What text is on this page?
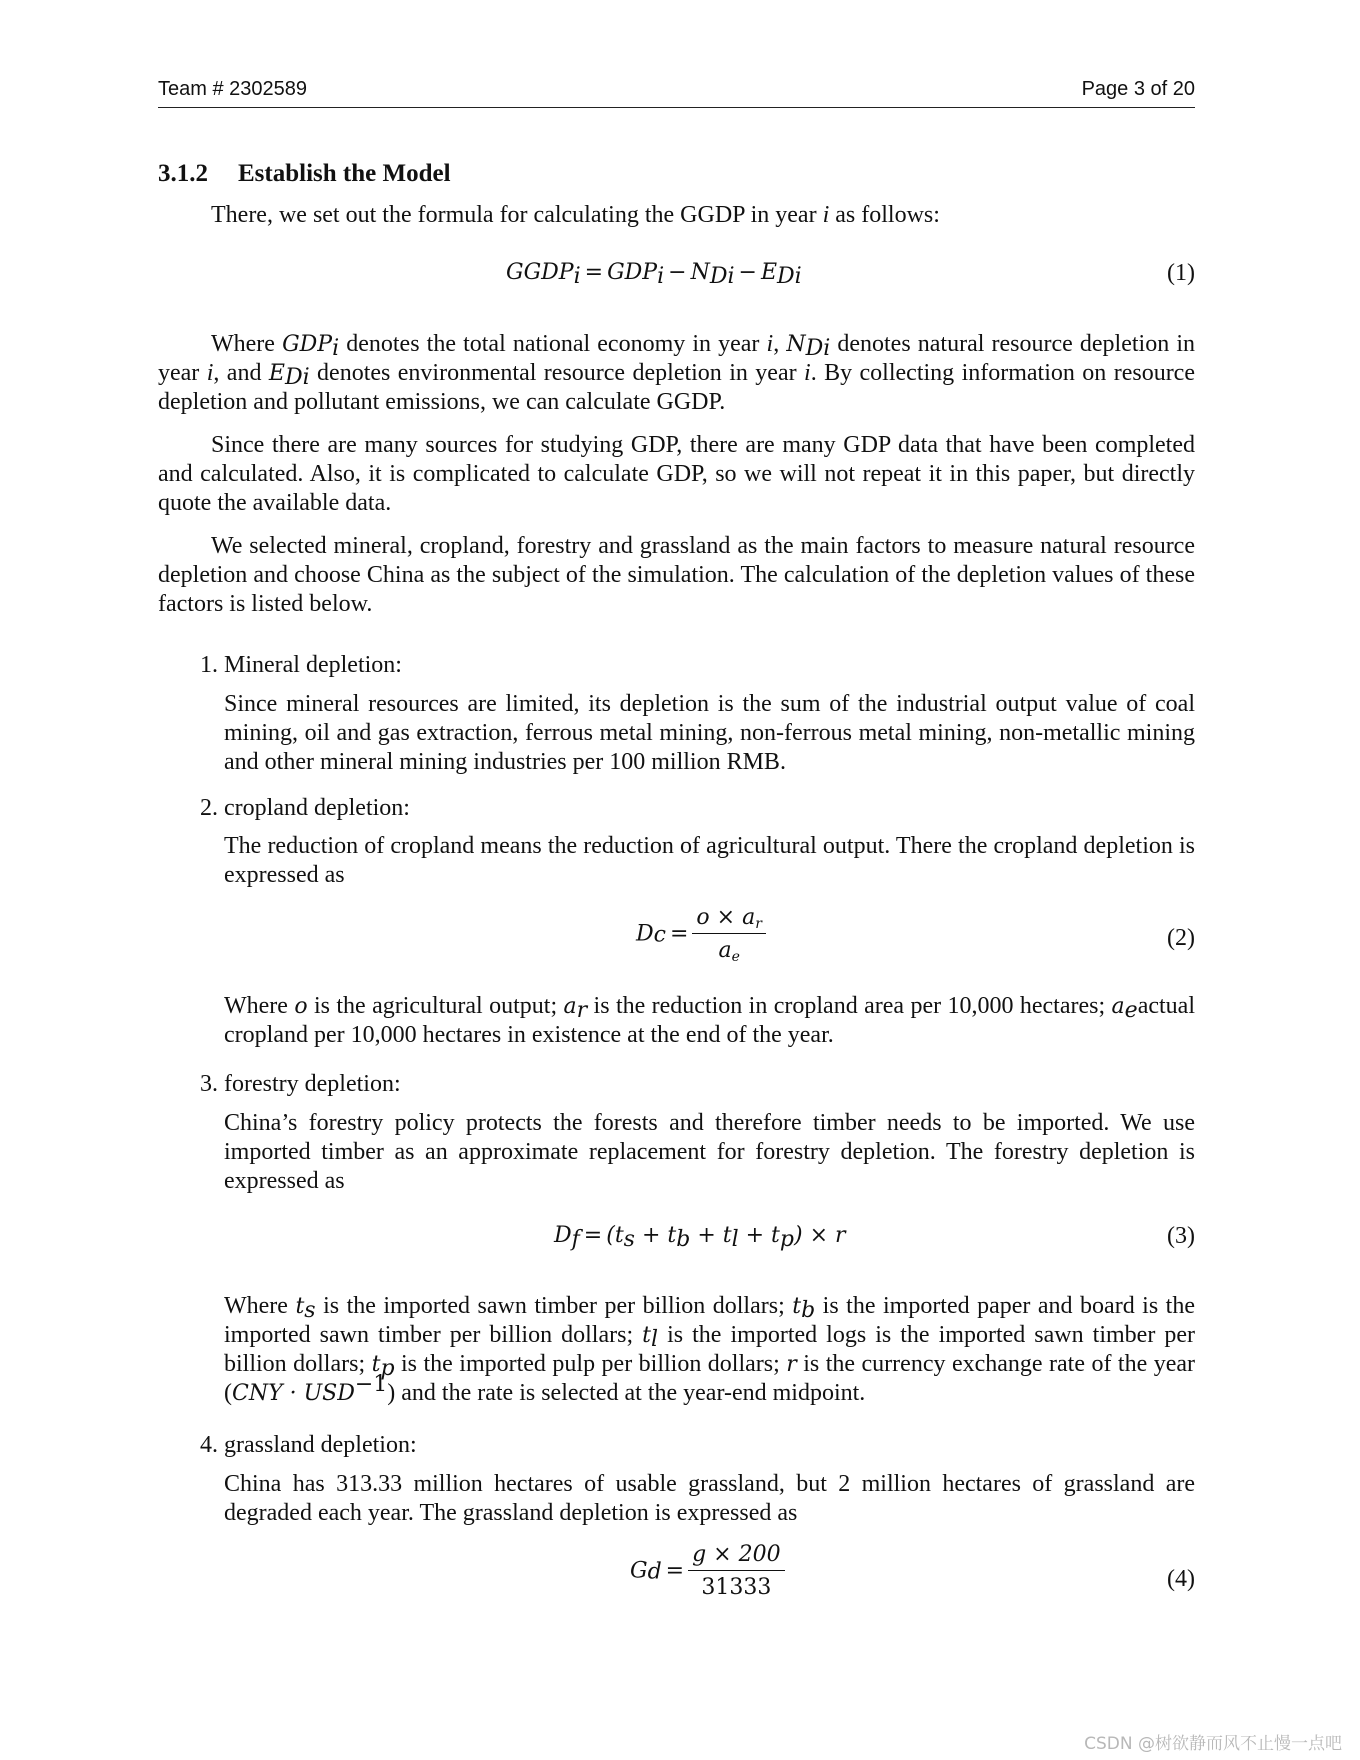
Team # 2302589	Page 3 of 20
3.1.2 Establish the Model

There, we set out the formula for calculating the GGDP in year i as follows:

$GGDP_i = GDP_i - N_{Di} - E_{Di}$	(1)

Where $GDP_i$ denotes the total national economy in year i, $N_{Di}$ denotes natural resource depletion in year i, and $E_{Di}$ denotes environmental resource depletion in year i. By collecting information on resource depletion and pollutant emissions, we can calculate GGDP.

Since there are many sources for studying GDP, there are many GDP data that have been completed and calculated. Also, it is complicated to calculate GDP, so we will not repeat it in this paper, but directly quote the available data.

We selected mineral, cropland, forestry and grassland as the main factors to measure natural resource depletion and choose China as the subject of the simulation. The calculation of the depletion values of these factors is listed below.

1. Mineral depletion:

Since mineral resources are limited, its depletion is the sum of the industrial output value of coal mining, oil and gas extraction, ferrous metal mining, non-ferrous metal mining, non-metallic mining and other mineral mining industries per 100 million RMB.

2. cropland depletion:

The reduction of cropland means the reduction of agricultural output. There the cropland depletion is expressed as

$D_c = \frac{o \times a_r}{a_e}$	(2)

Where o is the agricultural output; $a_r$ is the reduction in cropland area per 10,000 hectares; $a_eactual$ cropland per 10,000 hectares in existence at the end of the year.

3. forestry depletion:

China’s forestry policy protects the forests and therefore timber needs to be imported. We use imported timber as an approximate replacement for forestry depletion. The forestry depletion is expressed as

$D_f = (t_s + t_b + t_l + t_p) \times r$	(3)

Where $t_s$ is the imported sawn timber per billion dollars; $t_b$ is the imported paper and board is the imported sawn timber per billion dollars; $t_l$ is the imported logs is the imported sawn timber per billion dollars; $t_p$ is the imported pulp per billion dollars; r is the currency exchange rate of the year $(CNY \cdot USD^{-1})$ and the rate is selected at the year-end midpoint.

4. grassland depletion:

China has 313.33 million hectares of usable grassland, but 2 million hectares of grassland are degraded each year. The grassland depletion is expressed as

$G_d = \frac{g \times 200}{31333}$	(4)
CSDN @树欲静而风不止慢一点吧
